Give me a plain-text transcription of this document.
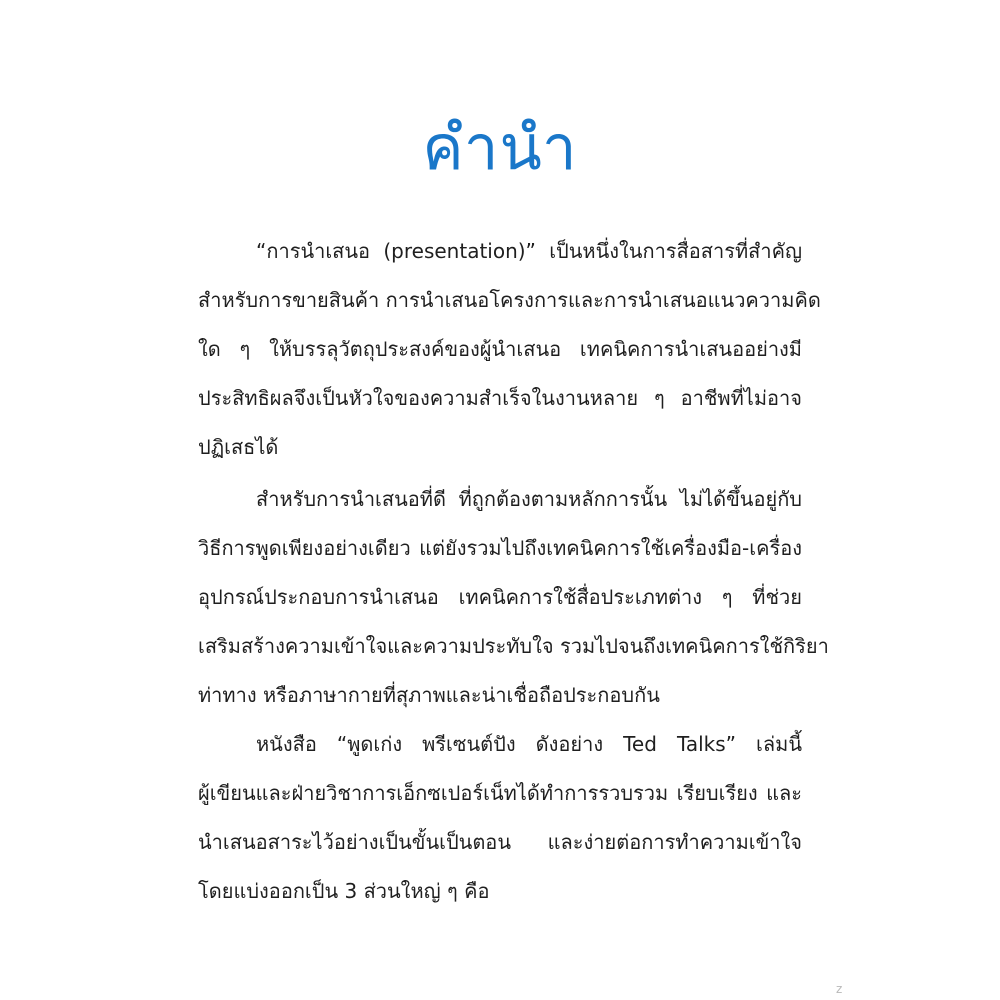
คำนำ
“การนำเสนอ (presentation)” เป็นหนึ่งในการสื่อสารที่สำคัญ
สำหรับการขายสินค้า การนำเสนอโครงการและการนำเสนอแนวความคิด
ใด ๆ ให้บรรลุวัตถุประสงค์ของผู้นำเสนอ เทคนิคการนำเสนออย่างมี
ประสิทธิผลจึงเป็นหัวใจของความสำเร็จในงานหลาย ๆ อาชีพที่ไม่อาจ
ปฏิเสธได้
สำหรับการนำเสนอที่ดี ที่ถูกต้องตามหลักการนั้น ไม่ได้ขึ้นอยู่กับ
วิธีการพูดเพียงอย่างเดียว แต่ยังรวมไปถึงเทคนิคการใช้เครื่องมือ-เครื่อง
อุปกรณ์ประกอบการนำเสนอ เทคนิคการใช้สื่อประเภทต่าง ๆ ที่ช่วย
เสริมสร้างความเข้าใจและความประทับใจ รวมไปจนถึงเทคนิคการใช้กิริยา
ท่าทาง หรือภาษากายที่สุภาพและน่าเชื่อถือประกอบกัน
หนังสือ “พูดเก่ง พรีเซนต์ปัง ดังอย่าง Ted Talks” เล่มนี้
ผู้เขียนและฝ่ายวิชาการเอ็กซเปอร์เน็ทได้ทำการรวบรวม เรียบเรียง และ
นำเสนอสาระไว้อย่างเป็นขั้นเป็นตอน และง่ายต่อการทำความเข้าใจ
โดยแบ่งออกเป็น 3 ส่วนใหญ่ ๆ คือ
z
